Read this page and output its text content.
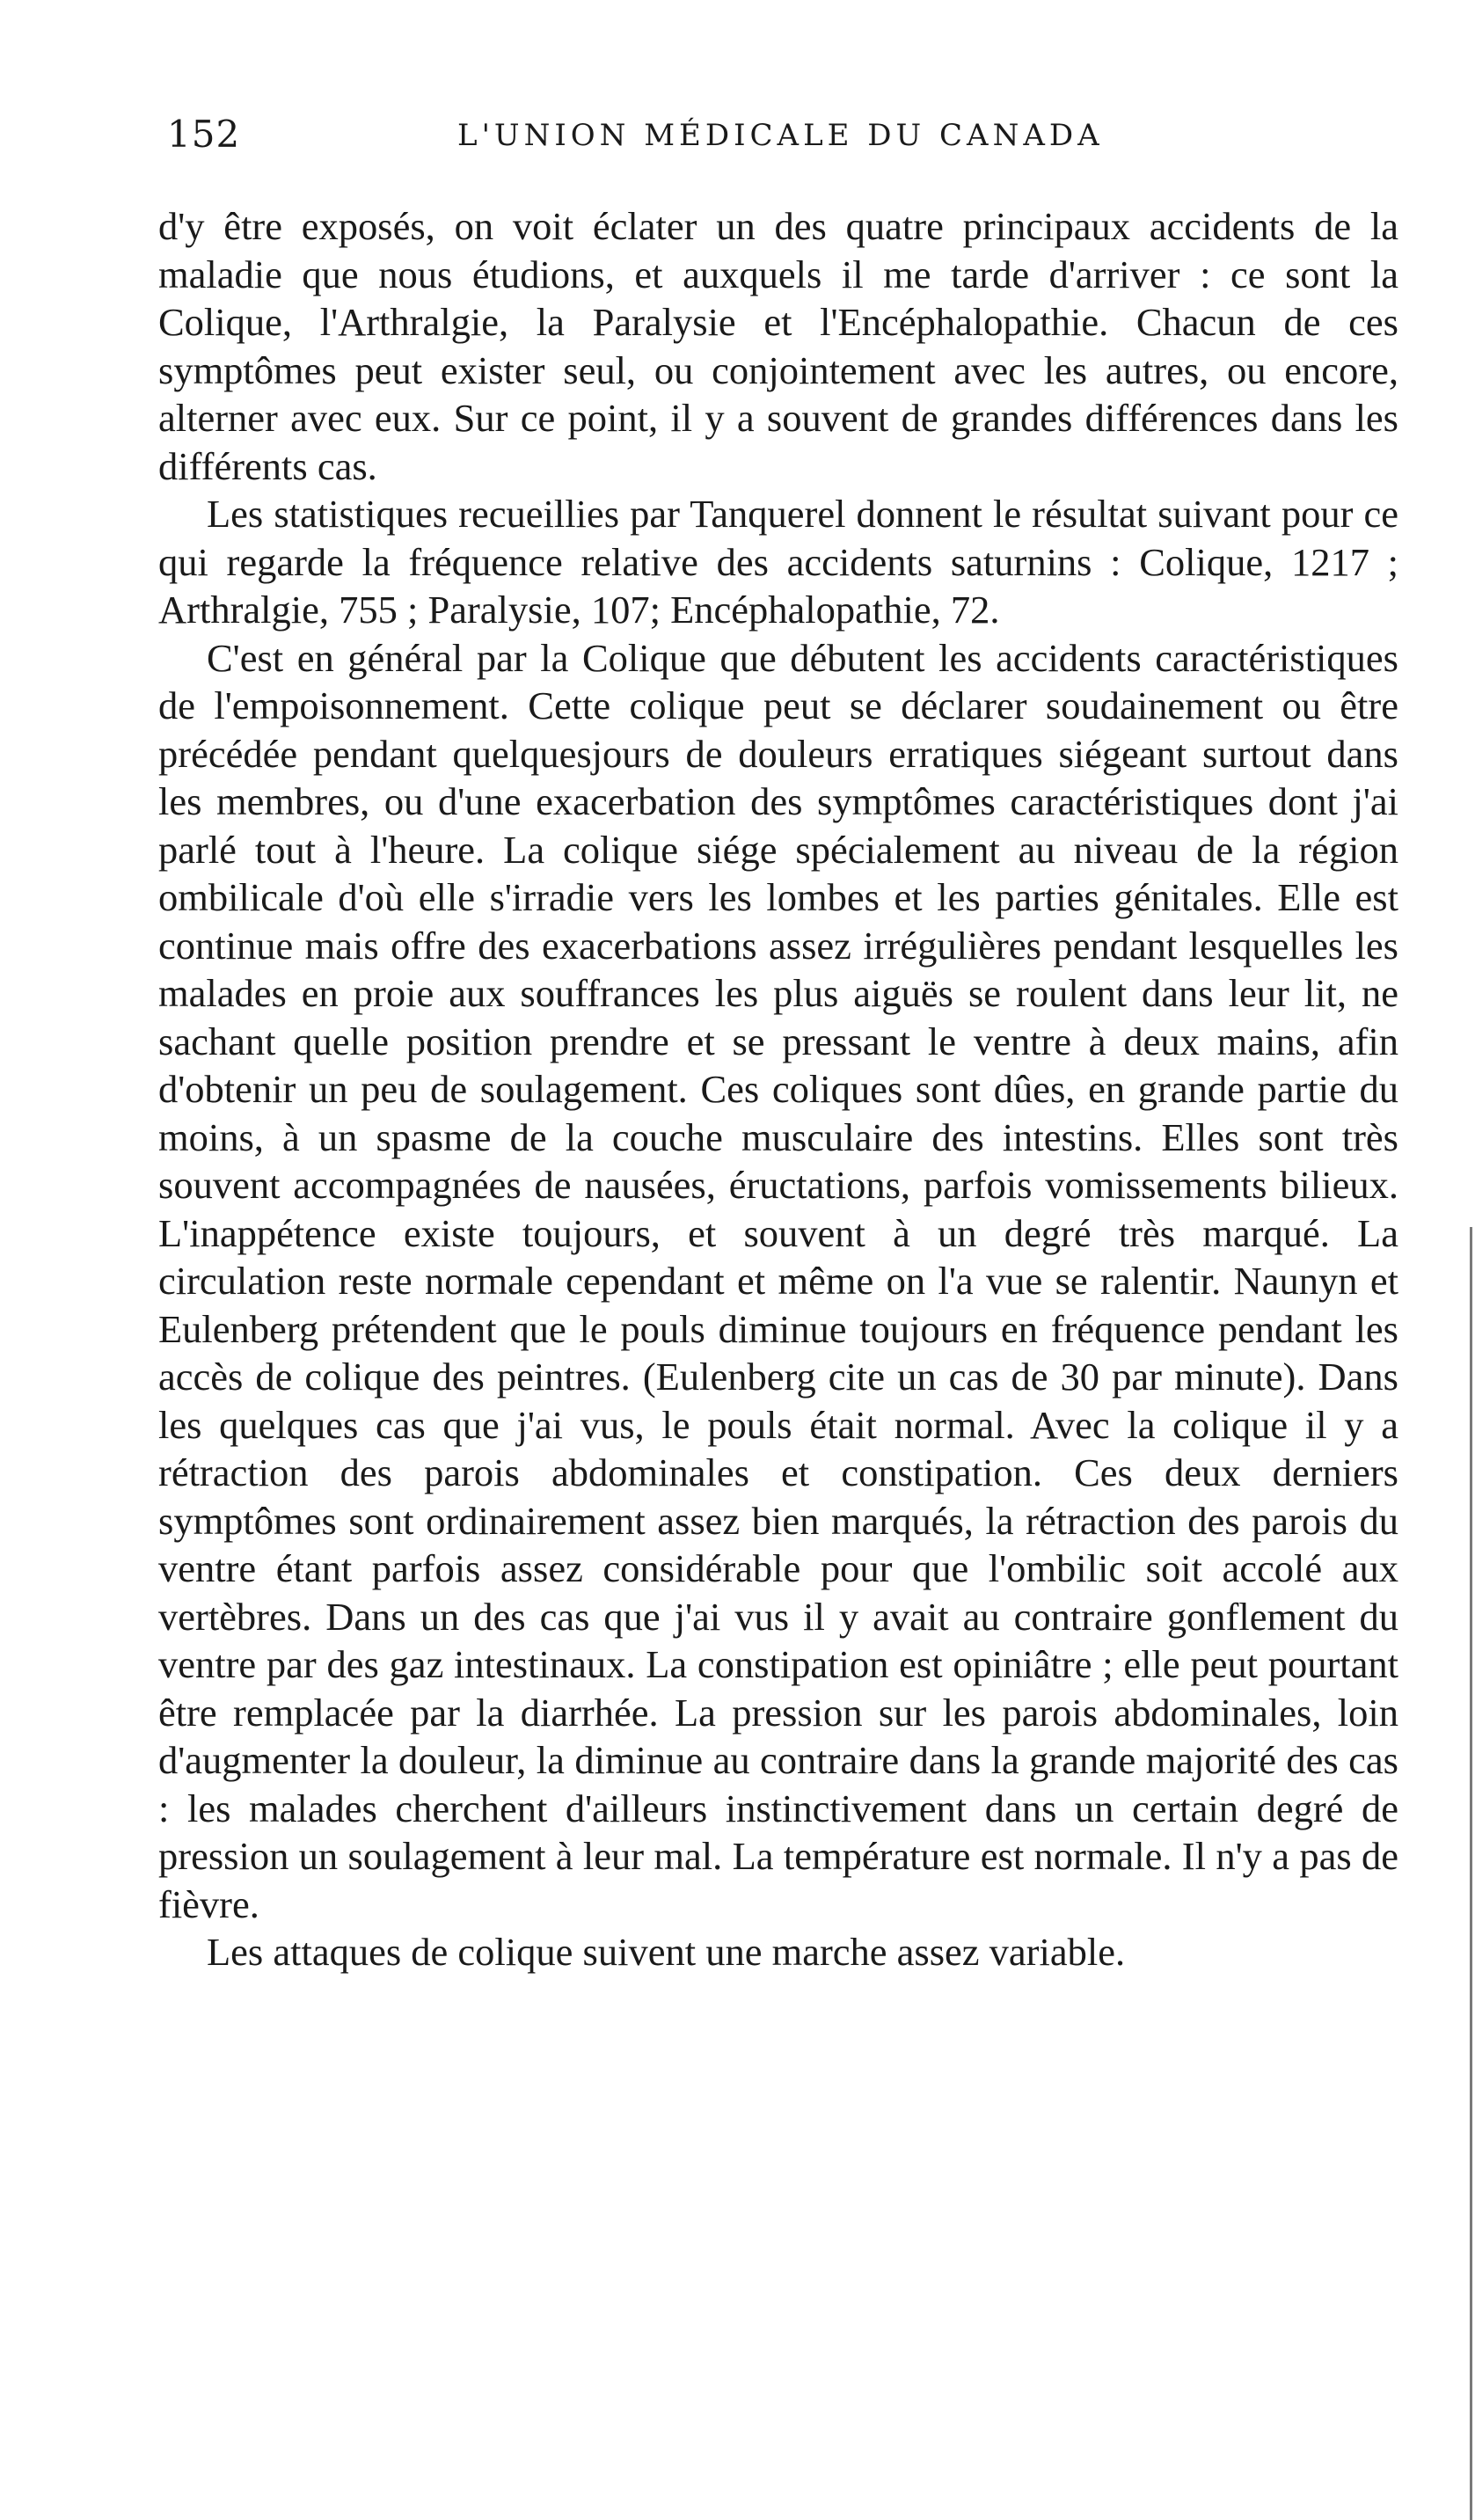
152	L'UNION MÉDICALE DU CANADA

d'y être exposés, on voit éclater un des quatre principaux accidents de la maladie que nous étudions, et auxquels il me tarde d'arriver : ce sont la Colique, l'Arthralgie, la Paralysie et l'Encéphalopathie. Chacun de ces symptômes peut exister seul, ou conjointement avec les autres, ou encore, alterner avec eux. Sur ce point, il y a souvent de grandes différences dans les différents cas.

Les statistiques recueillies par Tanquerel donnent le résultat suivant pour ce qui regarde la fréquence relative des accidents saturnins : Colique, 1217 ; Arthralgie, 755 ; Paralysie, 107; Encéphalopathie, 72.

C'est en général par la Colique que débutent les accidents caractéristiques de l'empoisonnement. Cette colique peut se déclarer soudainement ou être précédée pendant quelquesjours de douleurs erratiques siégeant surtout dans les membres, ou d'une exacerbation des symptômes caractéristiques dont j'ai parlé tout à l'heure. La colique siége spécialement au niveau de la région ombilicale d'où elle s'irradie vers les lombes et les parties génitales. Elle est continue mais offre des exacerbations assez irrégulières pendant lesquelles les malades en proie aux souffrances les plus aiguës se roulent dans leur lit, ne sachant quelle position prendre et se pressant le ventre à deux mains, afin d'obtenir un peu de soulagement. Ces coliques sont dûes, en grande partie du moins, à un spasme de la couche musculaire des intestins. Elles sont très souvent accompagnées de nausées, éructations, parfois vomissements bilieux. L'inappétence existe toujours, et souvent à un degré très marqué. La circulation reste normale cependant et même on l'a vue se ralentir. Naunyn et Eulenberg prétendent que le pouls diminue toujours en fréquence pendant les accès de colique des peintres. (Eulenberg cite un cas de 30 par minute). Dans les quelques cas que j'ai vus, le pouls était normal. Avec la colique il y a rétraction des parois abdominales et constipation. Ces deux derniers symptômes sont ordinairement assez bien marqués, la rétraction des parois du ventre étant parfois assez considérable pour que l'ombilic soit accolé aux vertèbres. Dans un des cas que j'ai vus il y avait au contraire gonflement du ventre par des gaz intestinaux. La constipation est opiniâtre ; elle peut pourtant être remplacée par la diarrhée. La pression sur les parois abdominales, loin d'augmenter la douleur, la diminue au contraire dans la grande majorité des cas : les malades cherchent d'ailleurs instinctivement dans un certain degré de pression un soulagement à leur mal. La température est normale. Il n'y a pas de fièvre.

Les attaques de colique suivent une marche assez variable.
